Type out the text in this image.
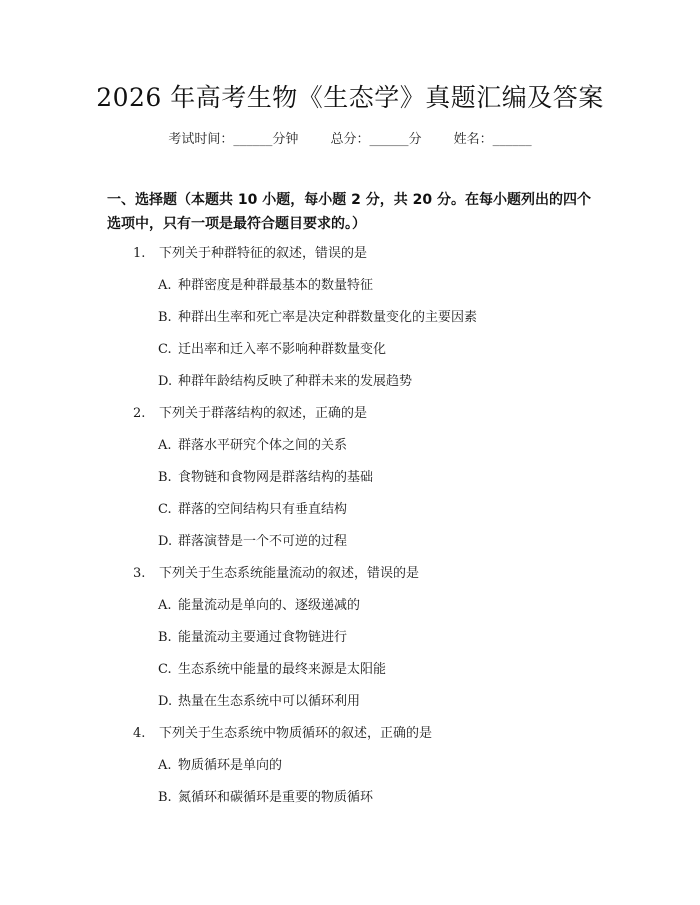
2026 年高考生物《生态学》真题汇编及答案
考试时间：______分钟 总分：______分 姓名：______
一、选择题（本题共 10 小题，每小题 2 分，共 20 分。在每小题列出的四个选项中，只有一项是最符合题目要求的。）
1. 下列关于种群特征的叙述，错误的是
A. 种群密度是种群最基本的数量特征
B. 种群出生率和死亡率是决定种群数量变化的主要因素
C. 迁出率和迁入率不影响种群数量变化
D. 种群年龄结构反映了种群未来的发展趋势
2. 下列关于群落结构的叙述，正确的是
A. 群落水平研究个体之间的关系
B. 食物链和食物网是群落结构的基础
C. 群落的空间结构只有垂直结构
D. 群落演替是一个不可逆的过程
3. 下列关于生态系统能量流动的叙述，错误的是
A. 能量流动是单向的、逐级递减的
B. 能量流动主要通过食物链进行
C. 生态系统中能量的最终来源是太阳能
D. 热量在生态系统中可以循环利用
4. 下列关于生态系统中物质循环的叙述，正确的是
A. 物质循环是单向的
B. 氮循环和碳循环是重要的物质循环
